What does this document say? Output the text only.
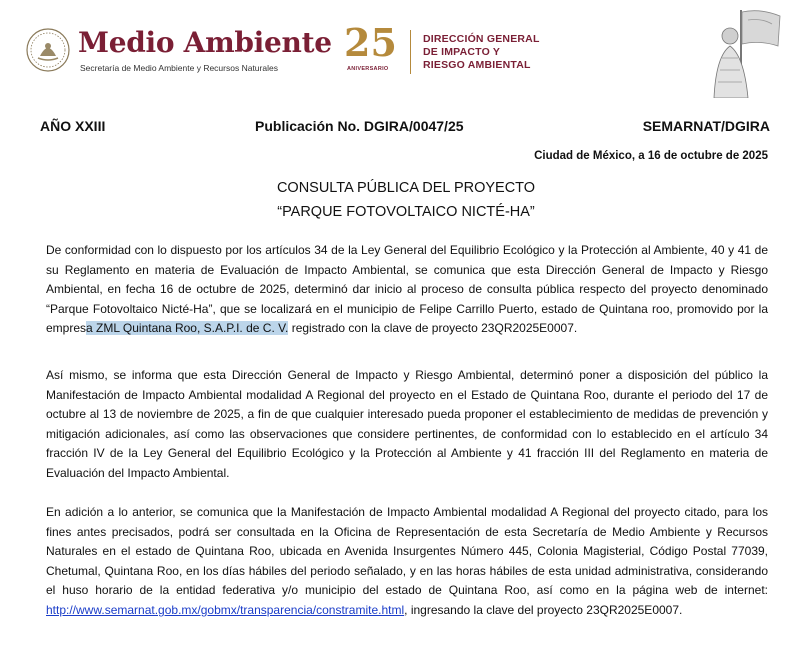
Medio Ambiente
Secretaría de Medio Ambiente y Recursos Naturales
25
ANIVERSARIO
DIRECCIÓN GENERAL
DE IMPACTO Y
RIESGO AMBIENTAL
AÑO XXIII	Publicación No. DGIRA/0047/25	SEMARNAT/DGIRA
Ciudad de México, a 16 de octubre de 2025
CONSULTA PÚBLICA DEL PROYECTO
“PARQUE FOTOVOLTAICO NICTÉ-HA”

De conformidad con lo dispuesto por los artículos 34 de la Ley General del Equilibrio Ecológico y la Protección al Ambiente, 40 y 41 de su Reglamento en materia de Evaluación de Impacto Ambiental, se comunica que esta Dirección General de Impacto y Riesgo Ambiental, en fecha 16 de octubre de 2025, determinó dar inicio al proceso de consulta pública respecto del proyecto denominado “Parque Fotovoltaico Nicté-Ha”, que se localizará en el municipio de Felipe Carrillo Puerto, estado de Quintana roo, promovido por la empresa ZML Quintana Roo, S.A.P.I. de C. V. registrado con la clave de proyecto 23QR2025E0007.

Así mismo, se informa que esta Dirección General de Impacto y Riesgo Ambiental, determinó poner a disposición del público la Manifestación de Impacto Ambiental modalidad A Regional del proyecto en el Estado de Quintana Roo, durante el periodo del 17 de octubre al 13 de noviembre de 2025, a fin de que cualquier interesado pueda proponer el establecimiento de medidas de prevención y mitigación adicionales, así como las observaciones que considere pertinentes, de conformidad con lo establecido en el artículo 34 fracción IV de la Ley General del Equilibrio Ecológico y la Protección al Ambiente y 41 fracción III del Reglamento en materia de Evaluación del Impacto Ambiental.

En adición a lo anterior, se comunica que la Manifestación de Impacto Ambiental modalidad A Regional del proyecto citado, para los fines antes precisados, podrá ser consultada en la Oficina de Representación de esta Secretaría de Medio Ambiente y Recursos Naturales en el estado de Quintana Roo, ubicada en Avenida Insurgentes Número 445, Colonia Magisterial, Código Postal 77039, Chetumal, Quintana Roo, en los días hábiles del periodo señalado, y en las horas hábiles de esta unidad administrativa, considerando el huso horario de la entidad federativa y/o municipio del estado de Quintana Roo, así como en la página web de internet: http://www.semarnat.gob.mx/gobmx/transparencia/constramite.html, ingresando la clave del proyecto 23QR2025E0007.
